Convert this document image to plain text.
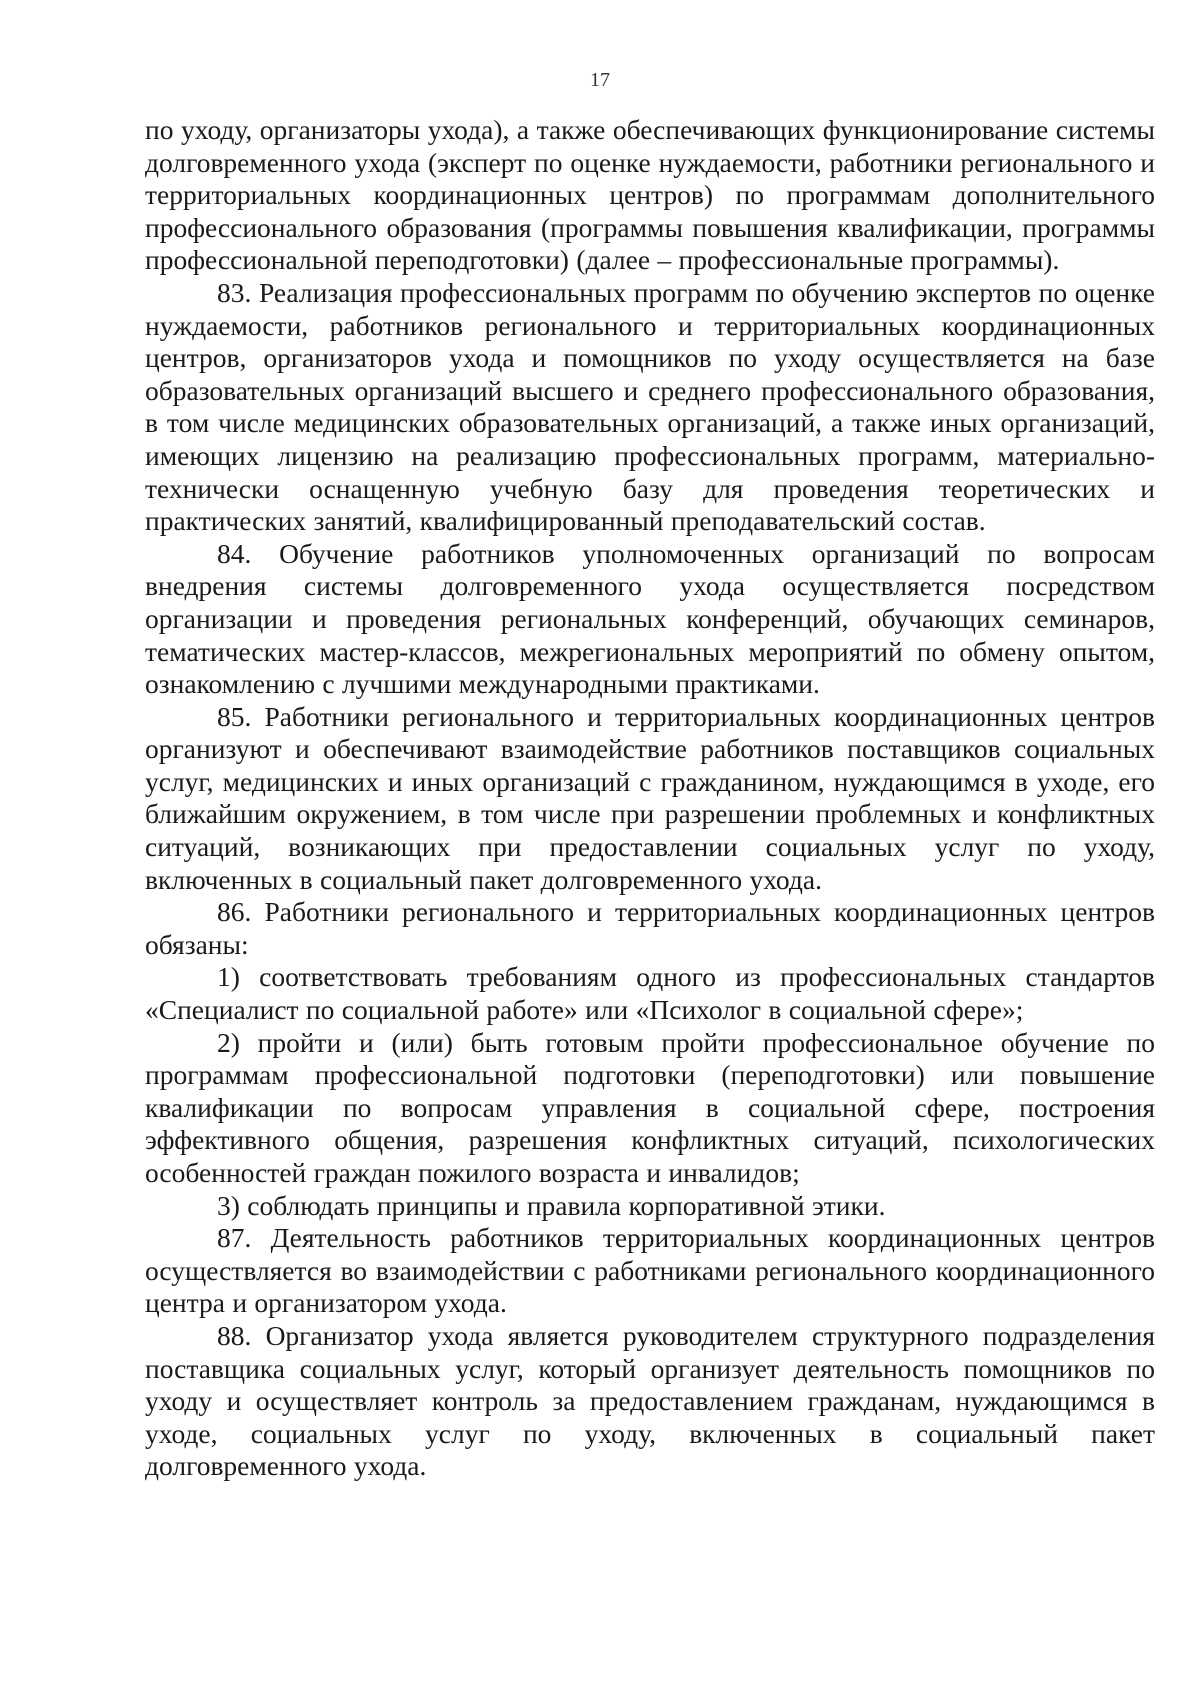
17

по уходу, организаторы ухода), а также обеспечивающих функционирование системы долговременного ухода (эксперт по оценке нуждаемости, работники регионального и территориальных координационных центров) по программам дополнительного профессионального образования (программы повышения квалификации, программы профессиональной переподготовки) (далее – профессиональные программы).

83. Реализация профессиональных программ по обучению экспертов по оценке нуждаемости, работников регионального и территориальных координационных центров, организаторов ухода и помощников по уходу осуществляется на базе образовательных организаций высшего и среднего профессионального образования, в том числе медицинских образовательных организаций, а также иных организаций, имеющих лицензию на реализацию профессиональных программ, материально-технически оснащенную учебную базу для проведения теоретических и практических занятий, квалифицированный преподавательский состав.

84. Обучение работников уполномоченных организаций по вопросам внедрения системы долговременного ухода осуществляется посредством организации и проведения региональных конференций, обучающих семинаров, тематических мастер-классов, межрегиональных мероприятий по обмену опытом, ознакомлению с лучшими международными практиками.

85. Работники регионального и территориальных координационных центров организуют и обеспечивают взаимодействие работников поставщиков социальных услуг, медицинских и иных организаций с гражданином, нуждающимся в уходе, его ближайшим окружением, в том числе при разрешении проблемных и конфликтных ситуаций, возникающих при предоставлении социальных услуг по уходу, включенных в социальный пакет долговременного ухода.

86. Работники регионального и территориальных координационных центров обязаны:

1) соответствовать требованиям одного из профессиональных стандартов «Специалист по социальной работе» или «Психолог в социальной сфере»;

2) пройти и (или) быть готовым пройти профессиональное обучение по программам профессиональной подготовки (переподготовки) или повышение квалификации по вопросам управления в социальной сфере, построения эффективного общения, разрешения конфликтных ситуаций, психологических особенностей граждан пожилого возраста и инвалидов;

3) соблюдать принципы и правила корпоративной этики.

87. Деятельность работников территориальных координационных центров осуществляется во взаимодействии с работниками регионального координационного центра и организатором ухода.

88. Организатор ухода является руководителем структурного подразделения поставщика социальных услуг, который организует деятельность помощников по уходу и осуществляет контроль за предоставлением гражданам, нуждающимся в уходе, социальных услуг по уходу, включенных в социальный пакет долговременного ухода.
